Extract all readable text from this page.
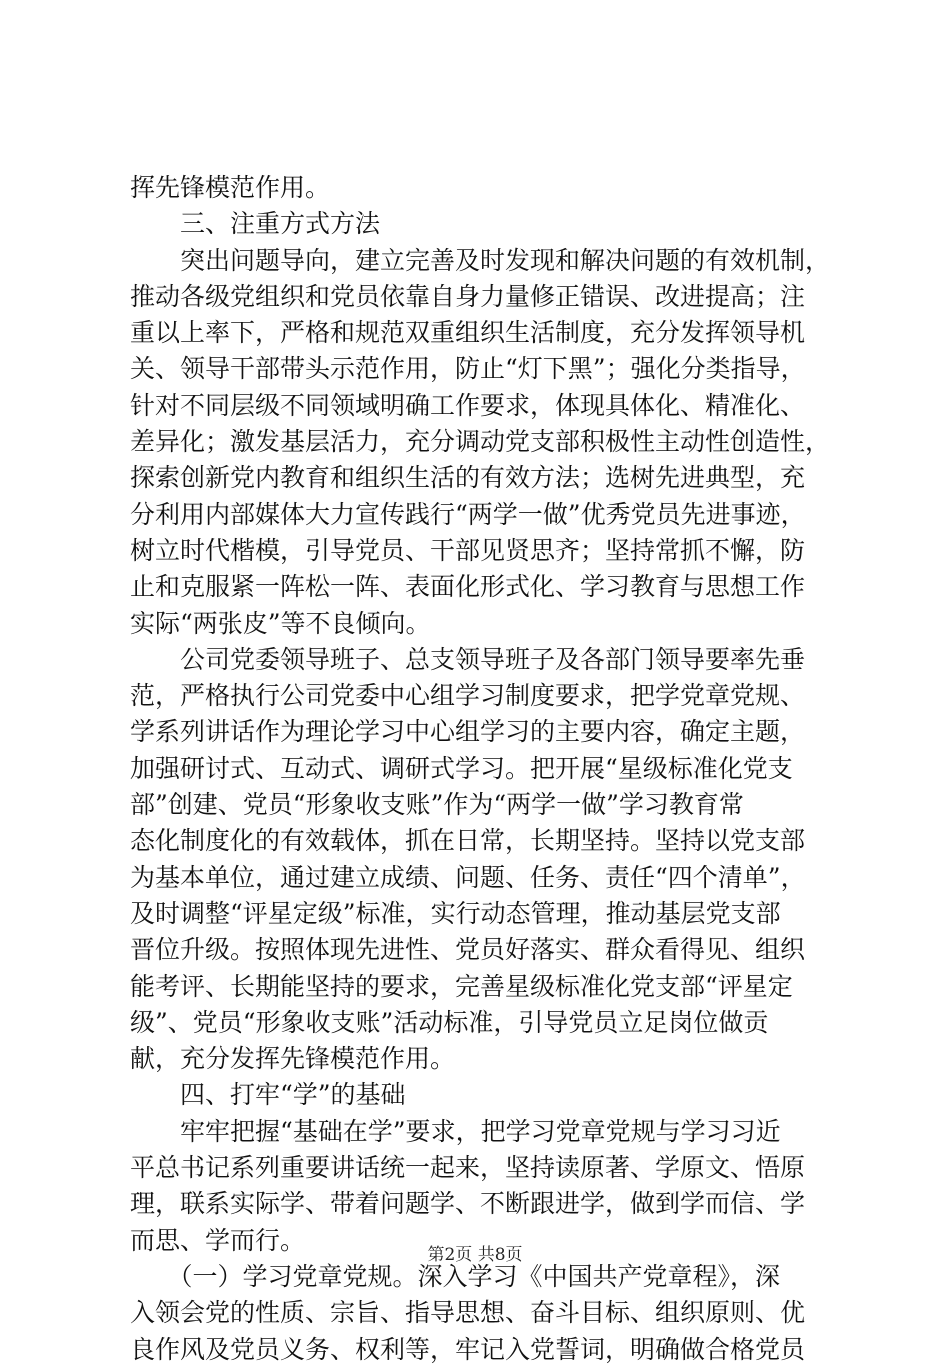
挥先锋模范作用。
　　三、注重方式方法
　　突出问题导向，建立完善及时发现和解决问题的有效机制，
推动各级党组织和党员依靠自身力量修正错误、改进提高；注
重以上率下，严格和规范双重组织生活制度，充分发挥领导机
关、领导干部带头示范作用，防止“灯下黑”；强化分类指导，
针对不同层级不同领域明确工作要求，体现具体化、精准化、
差异化；激发基层活力，充分调动党支部积极性主动性创造性，
探索创新党内教育和组织生活的有效方法；选树先进典型，充
分利用内部媒体大力宣传践行“两学一做”优秀党员先进事迹，
树立时代楷模，引导党员、干部见贤思齐；坚持常抓不懈，防
止和克服紧一阵松一阵、表面化形式化、学习教育与思想工作
实际“两张皮”等不良倾向。
　　公司党委领导班子、总支领导班子及各部门领导要率先垂
范，严格执行公司党委中心组学习制度要求，把学党章党规、
学系列讲话作为理论学习中心组学习的主要内容，确定主题，
加强研讨式、互动式、调研式学习。把开展“星级标准化党支
部”创建、党员“形象收支账”作为“两学一做”学习教育常
态化制度化的有效载体，抓在日常，长期坚持。坚持以党支部
为基本单位，通过建立成绩、问题、任务、责任“四个清单”，
及时调整“评星定级”标准，实行动态管理，推动基层党支部
晋位升级。按照体现先进性、党员好落实、群众看得见、组织
能考评、长期能坚持的要求，完善星级标准化党支部“评星定
级”、党员“形象收支账”活动标准，引导党员立足岗位做贡
献，充分发挥先锋模范作用。
　　四、打牢“学”的基础
　　牢牢把握“基础在学”要求，把学习党章党规与学习习近
平总书记系列重要讲话统一起来，坚持读原著、学原文、悟原
理，联系实际学、带着问题学、不断跟进学，做到学而信、学
而思、学而行。
　　（一）学习党章党规。深入学习《中国共产党章程》，深
入领会党的性质、宗旨、指导思想、奋斗目标、组织原则、优
良作风及党员义务、权利等，牢记入党誓词，明确做合格党员
第2页 共8页
